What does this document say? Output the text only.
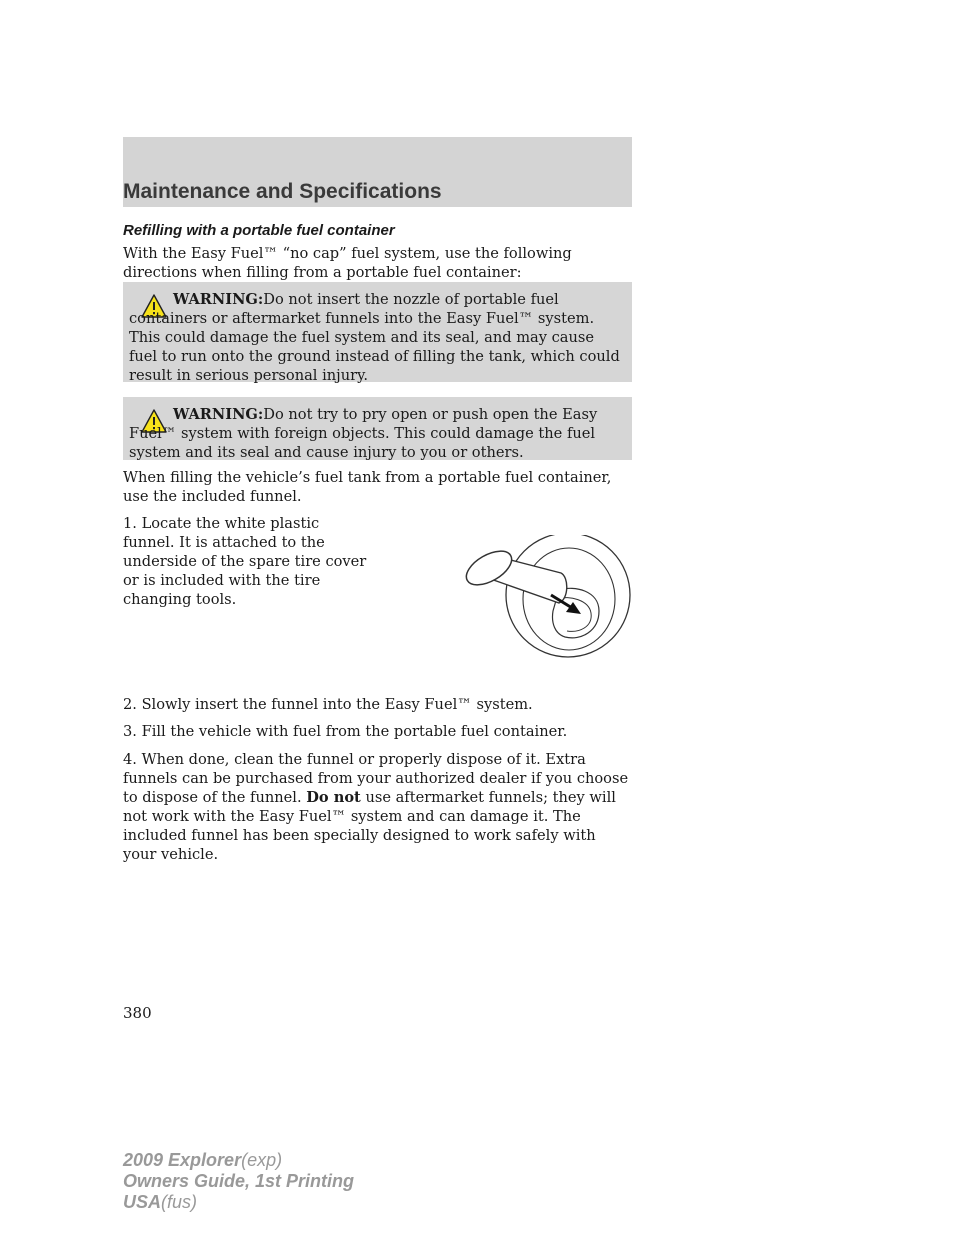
Maintenance and Specifications
Refilling with a portable fuel container

With the Easy Fuel™ “no cap” fuel system, use the following directions when filling from a portable fuel container:

WARNING:Do not insert the nozzle of portable fuel containers or aftermarket funnels into the Easy Fuel™ system. This could damage the fuel system and its seal, and may cause fuel to run onto the ground instead of filling the tank, which could result in serious personal injury.

WARNING:Do not try to pry open or push open the Easy Fuel™ system with foreign objects. This could damage the fuel system and its seal and cause injury to you or others.

When filling the vehicle’s fuel tank from a portable fuel container, use the included funnel.

1. Locate the white plastic funnel. It is attached to the underside of the spare tire cover or is included with the tire changing tools.

2. Slowly insert the funnel into the Easy Fuel™ system.

3. Fill the vehicle with fuel from the portable fuel container.

4. When done, clean the funnel or properly dispose of it. Extra funnels can be purchased from your authorized dealer if you choose to dispose of the funnel. Do not use aftermarket funnels; they will not work with the Easy Fuel™ system and can damage it. The included funnel has been specially designed to work safely with your vehicle.

380
2009 Explorer(exp)
Owners Guide, 1st Printing
USA(fus)
